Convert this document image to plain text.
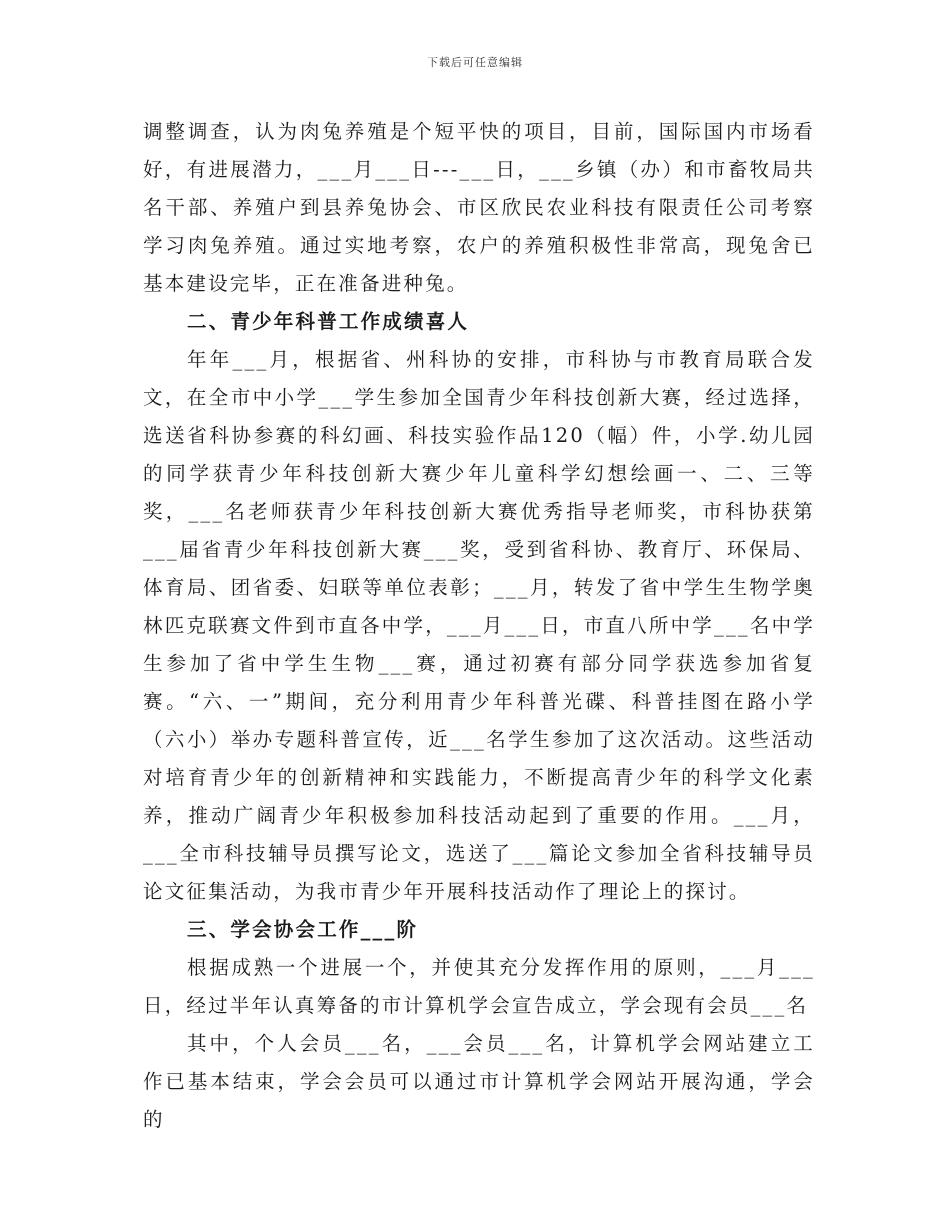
下载后可任意编辑

调整调查，认为肉兔养殖是个短平快的项目，目前，国际国内市场看好，有进展潜力，___月___日---___日，___乡镇（办）和市畜牧局共名干部、养殖户到县养兔协会、市区欣民农业科技有限责任公司考察学习肉兔养殖。通过实地考察，农户的养殖积极性非常高，现兔舍已基本建设完毕，正在准备进种兔。

二、青少年科普工作成绩喜人

年年___月，根据省、州科协的安排，市科协与市教育局联合发文，在全市中小学___学生参加全国青少年科技创新大赛，经过选择，选送省科协参赛的科幻画、科技实验作品120（幅）件，小学.幼儿园的同学获青少年科技创新大赛少年儿童科学幻想绘画一、二、三等奖，___名老师获青少年科技创新大赛优秀指导老师奖，市科协获第___届省青少年科技创新大赛___奖，受到省科协、教育厅、环保局、体育局、团省委、妇联等单位表彰；___月，转发了省中学生生物学奥林匹克联赛文件到市直各中学，___月___日，市直八所中学___名中学生参加了省中学生生物___赛，通过初赛有部分同学获选参加省复赛。“六、一”期间，充分利用青少年科普光碟、科普挂图在路小学（六小）举办专题科普宣传，近___名学生参加了这次活动。这些活动对培育青少年的创新精神和实践能力，不断提高青少年的科学文化素养，推动广阔青少年积极参加科技活动起到了重要的作用。___月，___全市科技辅导员撰写论文，选送了___篇论文参加全省科技辅导员论文征集活动，为我市青少年开展科技活动作了理论上的探讨。

三、学会协会工作___阶

根据成熟一个进展一个，并使其充分发挥作用的原则，___月___日，经过半年认真筹备的市计算机学会宣告成立，学会现有会员___名

其中，个人会员___名，___会员___名，计算机学会网站建立工作已基本结束，学会会员可以通过市计算机学会网站开展沟通，学会的
